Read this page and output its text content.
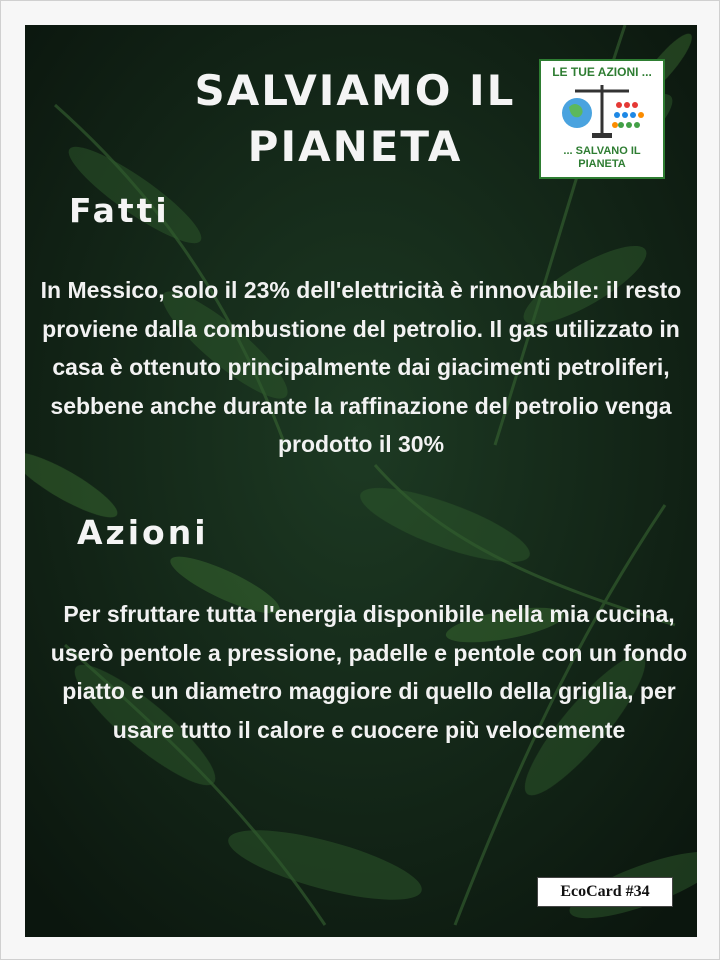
SALVIAMO IL PIANETA
LE TUE AZIONI ...
... SALVANO IL PIANETA
Fatti
In Messico, solo il 23% dell'elettricità è rinnovabile: il resto proviene dalla combustione del petrolio. Il gas utilizzato in casa è ottenuto principalmente dai giacimenti petroliferi, sebbene anche durante la raffinazione del petrolio venga prodotto il 30%
Azioni
Per sfruttare tutta l'energia disponibile nella mia cucina, userò pentole a pressione, padelle e pentole con un fondo piatto e un diametro maggiore di quello della griglia, per usare tutto il calore e cuocere più velocemente
EcoCard #34
